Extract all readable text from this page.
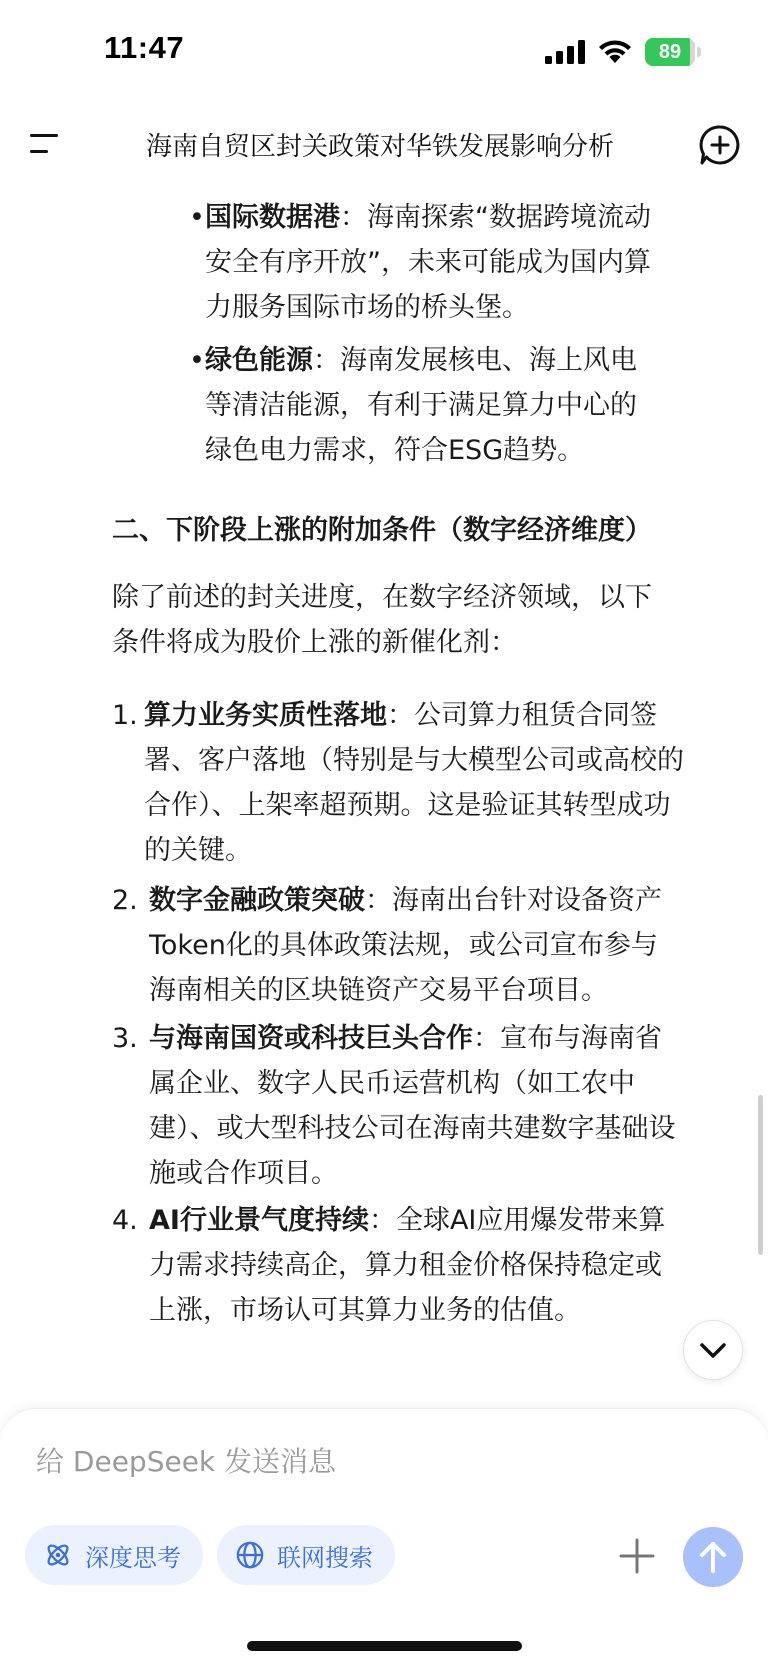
11:47	89
海南自贸区封关政策对华铁发展影响分析
• 国际数据港：海南探索“数据跨境流动
安全有序开放”，未来可能成为国内算
力服务国际市场的桥头堡。
• 绿色能源：海南发展核电、海上风电
等清洁能源，有利于满足算力中心的
绿色电力需求，符合ESG趋势。
二、下阶段上涨的附加条件（数字经济维度）
除了前述的封关进度，在数字经济领域，以下
条件将成为股价上涨的新催化剂：
1. 算力业务实质性落地：公司算力租赁合同签
署、客户落地（特别是与大模型公司或高校的
合作）、上架率超预期。这是验证其转型成功
的关键。
2. 数字金融政策突破：海南出台针对设备资产
Token化的具体政策法规，或公司宣布参与
海南相关的区块链资产交易平台项目。
3. 与海南国资或科技巨头合作：宣布与海南省
属企业、数字人民币运营机构（如工农中
建）、或大型科技公司在海南共建数字基础设
施或合作项目。
4. AI行业景气度持续：全球AI应用爆发带来算
力需求持续高企，算力租金价格保持稳定或
上涨，市场认可其算力业务的估值。
给 DeepSeek 发送消息
深度思考	联网搜索
